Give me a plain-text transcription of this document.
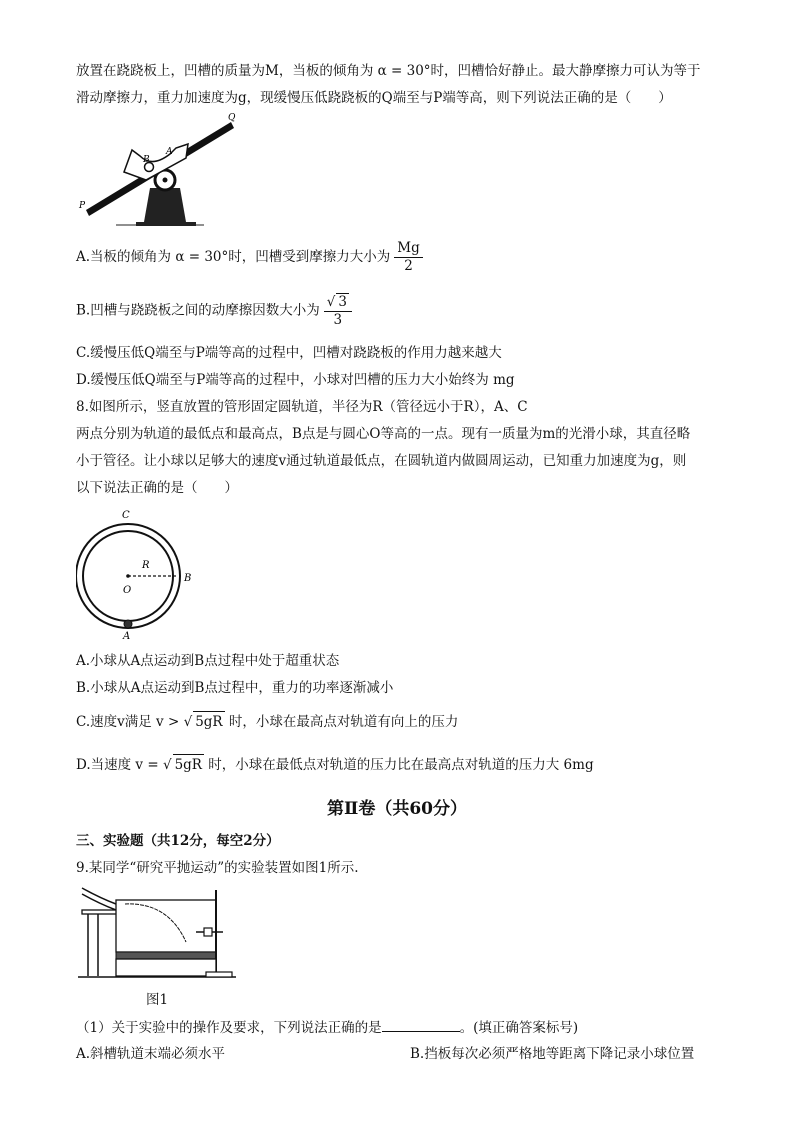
放置在跷跷板上，凹槽的质量为M，当板的倾角为 α = 30°时，凹槽恰好静止。最大静摩擦力可认为等于
滑动摩擦力，重力加速度为g，现缓慢压低跷跷板的Q端至与P端等高，则下列说法正确的是（　　）
Q
B
A
P
A.当板的倾角为 α = 30°时，凹槽受到摩擦力大小为 $\frac{Mg}{2}$
B.凹槽与跷跷板之间的动摩擦因数大小为 $\frac{√ 3}{3}$
C.缓慢压低Q端至与P端等高的过程中，凹槽对跷跷板的作用力越来越大
D.缓慢压低Q端至与P端等高的过程中，小球对凹槽的压力大小始终为 mg
8.如图所示，竖直放置的管形固定圆轨道，半径为R（管径远小于R），A、C
两点分别为轨道的最低点和最高点，B点是与圆心O等高的一点。现有一质量为m的光滑小球，其直径略
小于管径。让小球以足够大的速度v通过轨道最低点，在圆轨道内做圆周运动，已知重力加速度为g，则
以下说法正确的是（　　）
C
R
B
O
A
A.小球从A点运动到B点过程中处于超重状态
B.小球从A点运动到B点过程中，重力的功率逐渐减小
C.速度v满足 v > √ 5gR 时，小球在最高点对轨道有向上的压力
D.当速度 v = √ 5gR 时，小球在最低点对轨道的压力比在最高点对轨道的压力大 6mg
第Ⅱ卷（共60分）
三、实验题（共12分，每空2分）
9.某同学“研究平抛运动”的实验装置如图1所示.
图1
（1）关于实验中的操作及要求，下列说法正确的是	。(填正确答案标号)
A.斜槽轨道末端必须水平	B.挡板每次必须严格地等距离下降记录小球位置
